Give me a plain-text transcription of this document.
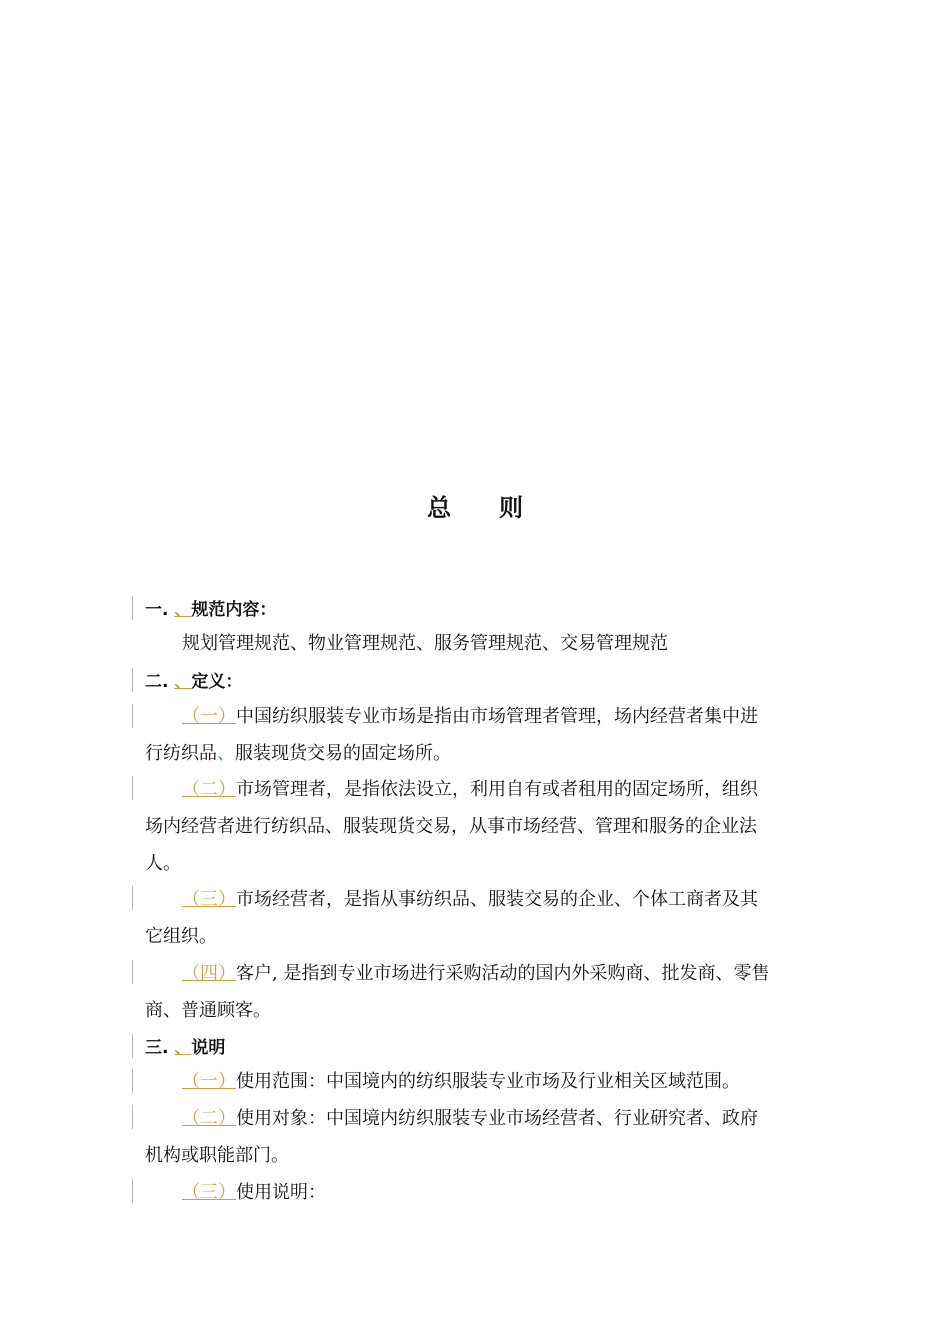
总 则
一. 、规范内容：
规划管理规范、物业管理规范、服务管理规范、交易管理规范
二. 、定义：
（一）中国纺织服装专业市场是指由市场管理者管理，场内经营者集中进
行纺织品、服装现货交易的固定场所。
（二）市场管理者，是指依法设立，利用自有或者租用的固定场所，组织
场内经营者进行纺织品、服装现货交易，从事市场经营、管理和服务的企业法
人。
（三）市场经营者，是指从事纺织品、服装交易的企业、个体工商者及其
它组织。
（四）客户, 是指到专业市场进行采购活动的国内外采购商、批发商、零售
商、普通顾客。
三. 、说明
（一）使用范围：中国境内的纺织服装专业市场及行业相关区域范围。
（二）使用对象：中国境内纺织服装专业市场经营者、行业研究者、政府
机构或职能部门。
（三）使用说明：
